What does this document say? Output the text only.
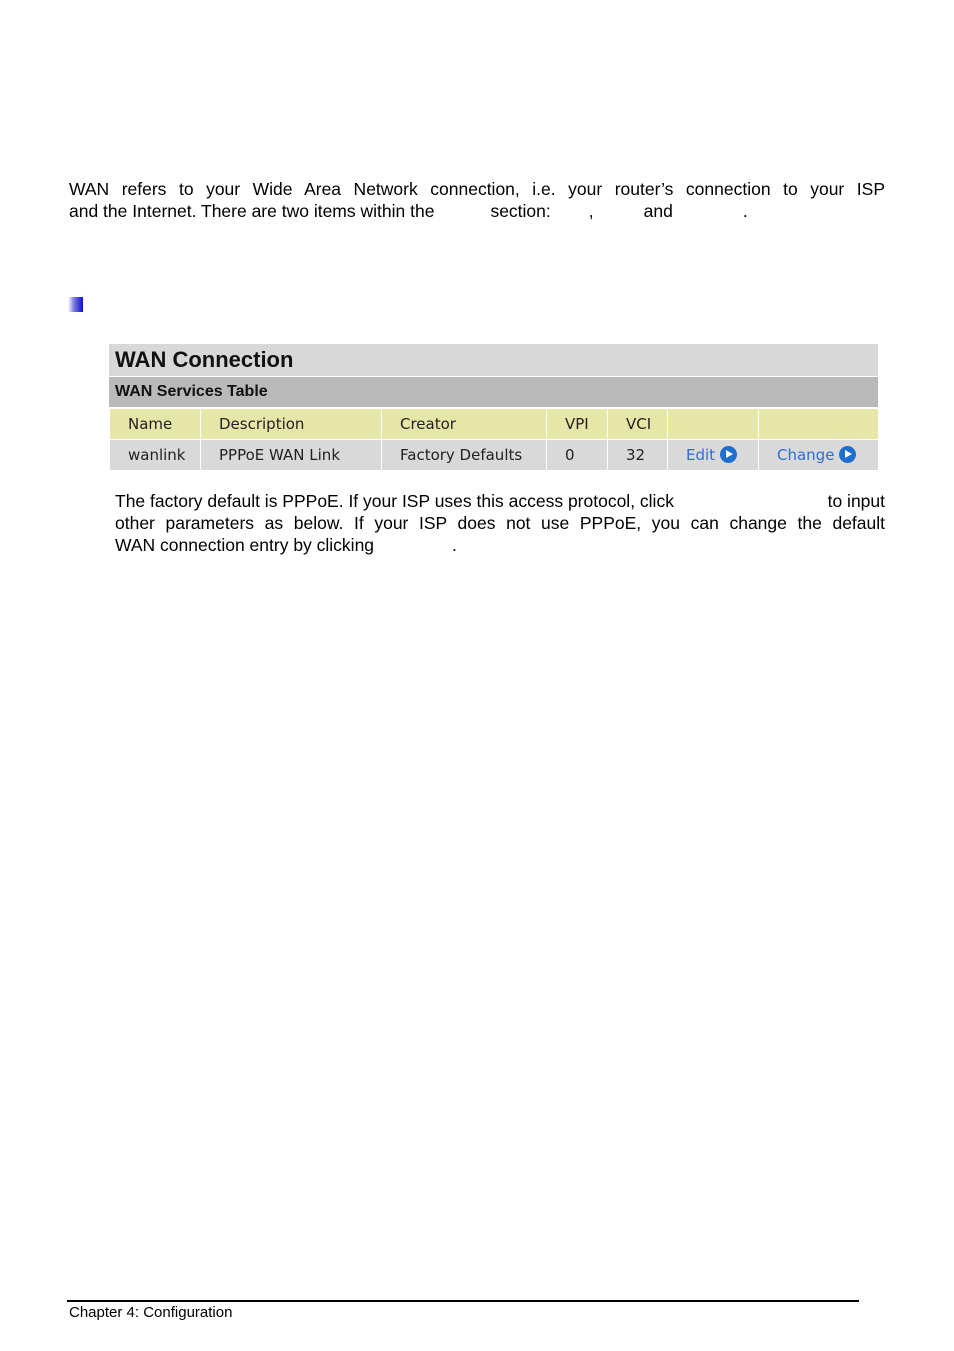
WAN refers to your Wide Area Network connection, i.e. your router’s connection to your ISP
and the Internet. There are two items within the	section: ,	and	.
WAN Connection
WAN Services Table
Name	Description	Creator	VPI	VCI		
wanlink	PPPoE WAN Link	Factory Defaults	0	32	Edit	Change
The factory default is PPPoE. If your ISP uses this access protocol, click	to input
other parameters as below. If your ISP does not use PPPoE, you can change the default
WAN connection entry by clicking	.
Chapter 4: Configuration
